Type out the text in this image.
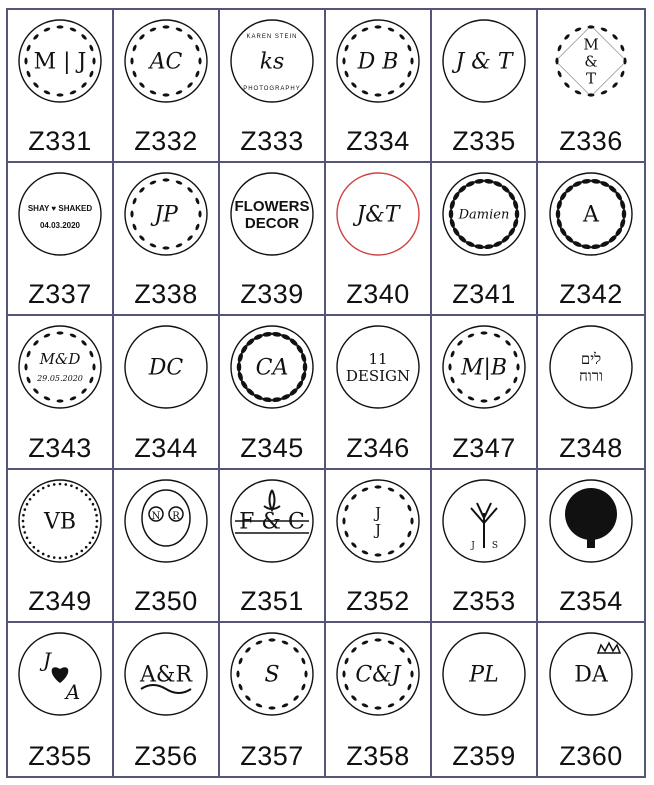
M | J
Z331
AC
Z332
ks
KAREN STEIN
PHOTOGRAPHY
Z333
D B
Z334
J & T
Z335
M
&
T
Z336
SHAY ♥ SHAKED
04.03.2020
Z337
JP
Z338
FLOWERS
DECOR
Z339
J&T
Z340
Damien
Z341
A
Z342
M&D
29.05.2020
Z343
DC
Z344
CA
Z345
11
DESIGN
Z346
M|B
Z347
לים
ורוח
Z348
VB
Z349
N R
Z350
F & C
Z351
J
J
Z352
J S
Z353
C I
Z354
J
A
Z355
A&R
Z356
S
Z357
C&J
Z358
PL
Z359
DA
Z360
